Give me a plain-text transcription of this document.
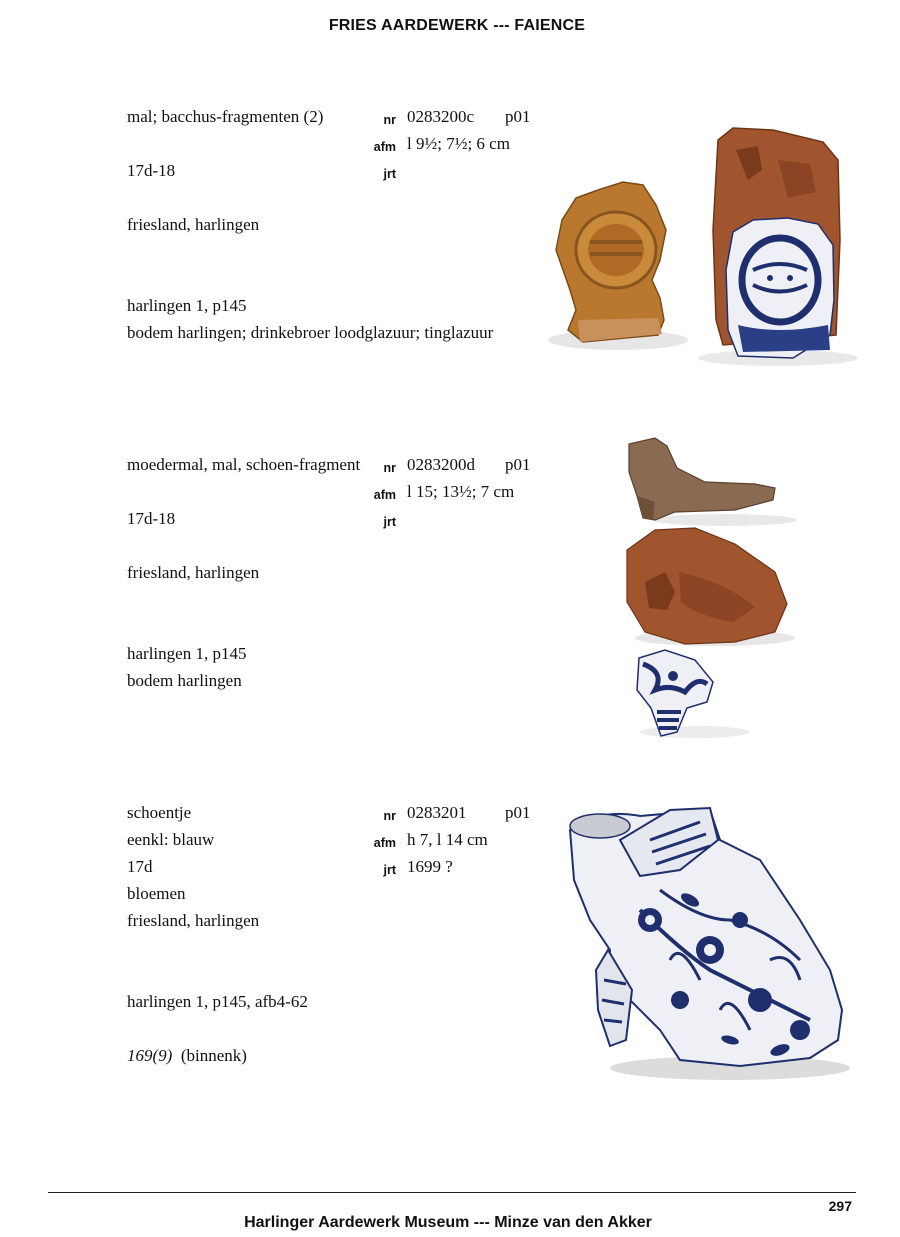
FRIES AARDEWERK --- FAIENCE
mal; bacchus-fragmenten (2)	nr 0283200c p01
afm l 9½; 7½; 6 cm
17d-18	jrt
friesland, harlingen
harlingen 1, p145
bodem harlingen; drinkebroer loodglazuur; tinglazuur
moedermal, mal, schoen-fragment	nr 0283200d p01
afm l 15; 13½; 7 cm
17d-18	jrt
friesland, harlingen
harlingen 1, p145
bodem harlingen
schoentje	nr 0283201 p01
eenkl: blauw	afm h 7, l 14 cm
17d	jrt 1699 ?
bloemen
friesland, harlingen
harlingen 1, p145, afb4-62
169(9) (binnenk)
297
Harlinger Aardewerk Museum --- Minze van den Akker
